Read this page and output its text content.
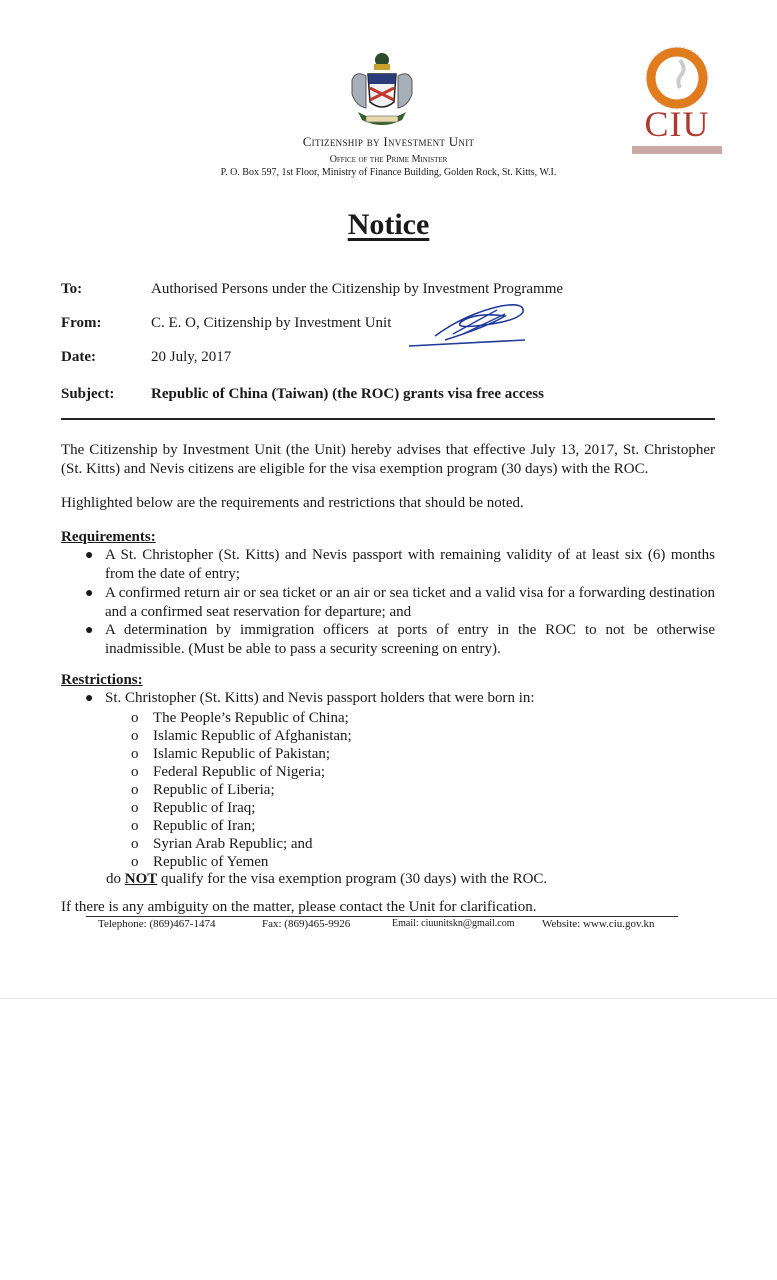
CIU
Citizenship by Investment Unit
Office of the Prime Minister
P. O. Box 597, 1st Floor, Ministry of Finance Building, Golden Rock, St. Kitts, W.I.
Notice
To:	Authorised Persons under the Citizenship by Investment Programme
From:	C. E. O, Citizenship by Investment Unit
Date:	20 July, 2017
Subject: Republic of China (Taiwan) (the ROC) grants visa free access
The Citizenship by Investment Unit (the Unit) hereby advises that effective July 13, 2017, St. Christopher (St. Kitts) and Nevis citizens are eligible for the visa exemption program (30 days) with the ROC.
Highlighted below are the requirements and restrictions that should be noted.
Requirements:
● A St. Christopher (St. Kitts) and Nevis passport with remaining validity of at least six (6) months from the date of entry;
● A confirmed return air or sea ticket or an air or sea ticket and a valid visa for a forwarding destination and a confirmed seat reservation for departure; and
● A determination by immigration officers at ports of entry in the ROC to not be otherwise inadmissible. (Must be able to pass a security screening on entry).
Restrictions:
● St. Christopher (St. Kitts) and Nevis passport holders that were born in:
o The People’s Republic of China;
o Islamic Republic of Afghanistan;
o Islamic Republic of Pakistan;
o Federal Republic of Nigeria;
o Republic of Liberia;
o Republic of Iraq;
o Republic of Iran;
o Syrian Arab Republic; and
o Republic of Yemen
do NOT qualify for the visa exemption program (30 days) with the ROC.
If there is any ambiguity on the matter, please contact the Unit for clarification.
Telephone: (869)467-1474	Fax: (869)465-9926	Email: ciuunitskn@gmail.com Website: www.ciu.gov.kn
